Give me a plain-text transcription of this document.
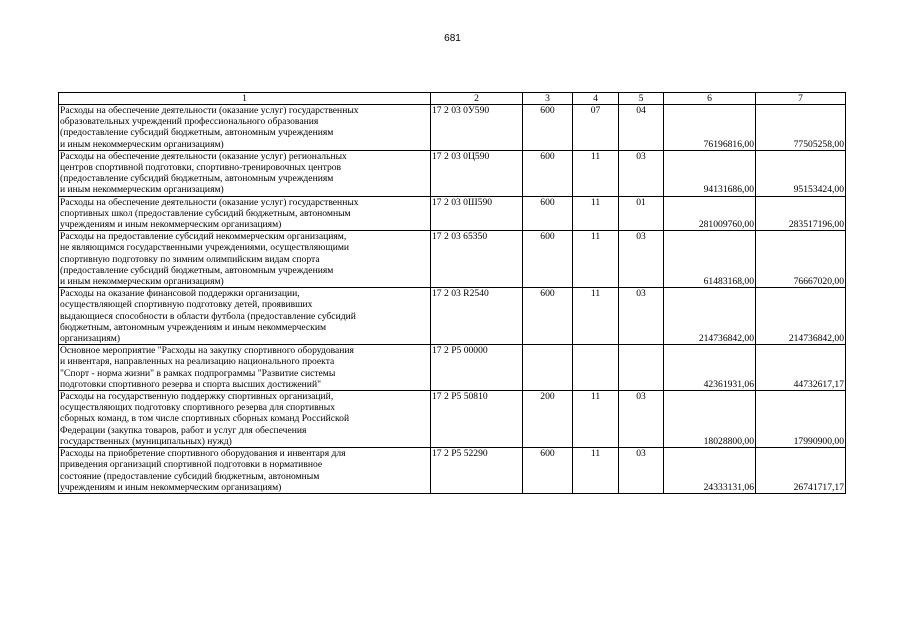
681
1	2	3	4	5	6	7

Расходы на обеспечение деятельности (оказание услуг) государственных
образовательных учреждений профессионального образования
(предоставление субсидий бюджетным, автономным учреждениям
и иным некоммерческим организациям)	17 2 03 0У590	600	07	04	76196816,00	77505258,00

Расходы на обеспечение деятельности (оказание услуг) региональных
центров спортивной подготовки, спортивно-тренировочных центров
(предоставление субсидий бюджетным, автономным учреждениям
и иным некоммерческим организациям)	17 2 03 0Ц590	600	11	03	94131686,00	95153424,00

Расходы на обеспечение деятельности (оказание услуг) государственных
спортивных школ (предоставление субсидий бюджетным, автономным
учреждениям и иным некоммерческим организациям)	17 2 03 0Ш590	600	11	01	281009760,00	283517196,00

Расходы на предоставление субсидий некоммерческим организациям,
не являющимся государственными учреждениями, осуществляющими
спортивную подготовку по зимним олимпийским видам спорта
(предоставление субсидий бюджетным, автономным учреждениям
и иным некоммерческим организациям)	17 2 03 65350	600	11	03	61483168,00	76667020,00

Расходы на оказание финансовой поддержки организации,
осуществляющей спортивную подготовку детей, проявивших
выдающиеся способности в области футбола (предоставление субсидий
бюджетным, автономным учреждениям и иным некоммерческим
организациям)	17 2 03 R2540	600	11	03	214736842,00	214736842,00

Основное мероприятие "Расходы на закупку спортивного оборудования
и инвентаря, направленных на реализацию национального проекта
"Спорт - норма жизни" в рамках подпрограммы "Развитие системы
подготовки спортивного резерва и спорта высших достижений"	17 2 P5 00000				42361931,06	44732617,17

Расходы на государственную поддержку спортивных организаций,
осуществляющих подготовку спортивного резерва для спортивных
сборных команд, в том числе спортивных сборных команд Российской
Федерации (закупка товаров, работ и услуг для обеспечения
государственных (муниципальных) нужд)	17 2 P5 50810	200	11	03	18028800,00	17990900,00

Расходы на приобретение спортивного оборудования и инвентаря для
приведения организаций спортивной подготовки в нормативное
состояние (предоставление субсидий бюджетным, автономным
учреждениям и иным некоммерческим организациям)	17 2 P5 52290	600	11	03	24333131,06	26741717,17
